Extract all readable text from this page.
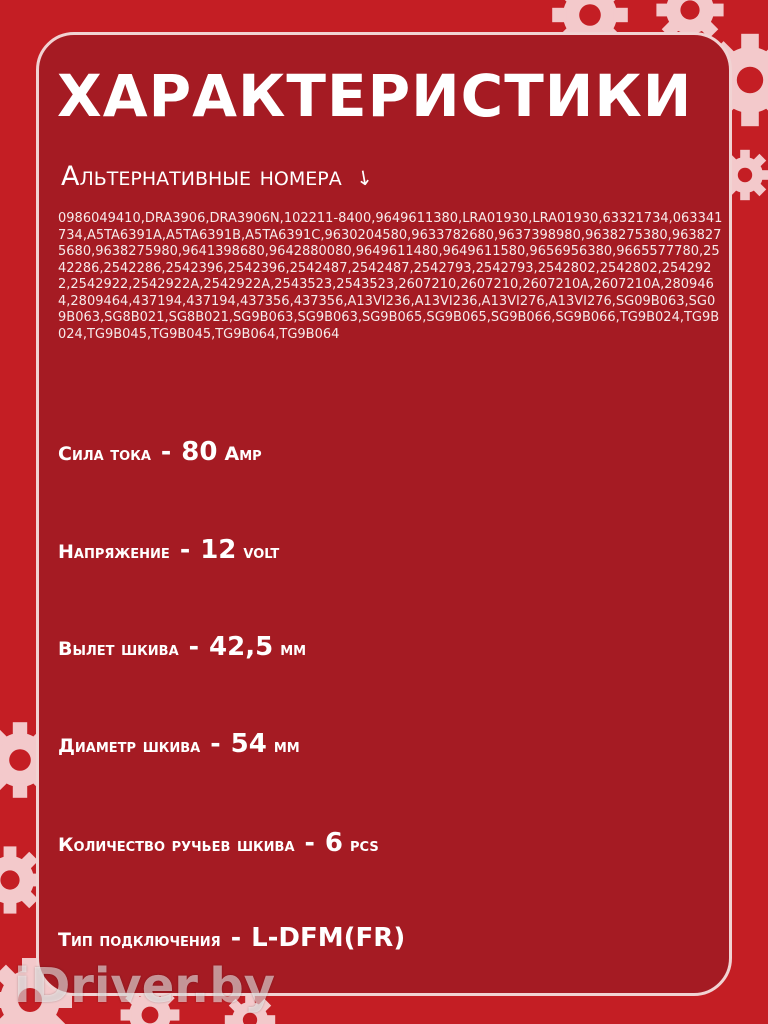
ХАРАКТЕРИСТИКИ
Альтернативные номера ↘
0986049410,DRA3906,DRA3906N,102211-8400,9649611380,LRA01930,LRA01930,63321734,063341734,A5TA6391A,A5TA6391B,A5TA6391C,9630204580,9633782680,9637398980,9638275380,9638275680,9638275980,9641398680,9642880080,9649611480,9649611580,9656956380,9665577780,2542286,2542286,2542396,2542396,2542487,2542487,2542793,2542793,2542802,2542802,2542922,2542922,2542922A,2542922A,2543523,2543523,2607210,2607210,2607210A,2607210A,2809464,2809464,437194,437194,437356,437356,A13VI236,A13VI236,A13VI276,A13VI276,SG09B063,SG09B063,SG8B021,SG8B021,SG9B063,SG9B063,SG9B065,SG9B065,SG9B066,SG9B066,TG9B024,TG9B024,TG9B045,TG9B045,TG9B064,TG9B064
Сила тока - 80 Амр
Напряжение - 12 volt
Вылет шкива - 42,5 мм
Диаметр шкива - 54 мм
Количество ручьев шкива - 6 pcs
Тип подключения - L-DFM(FR)
iDriver.by
